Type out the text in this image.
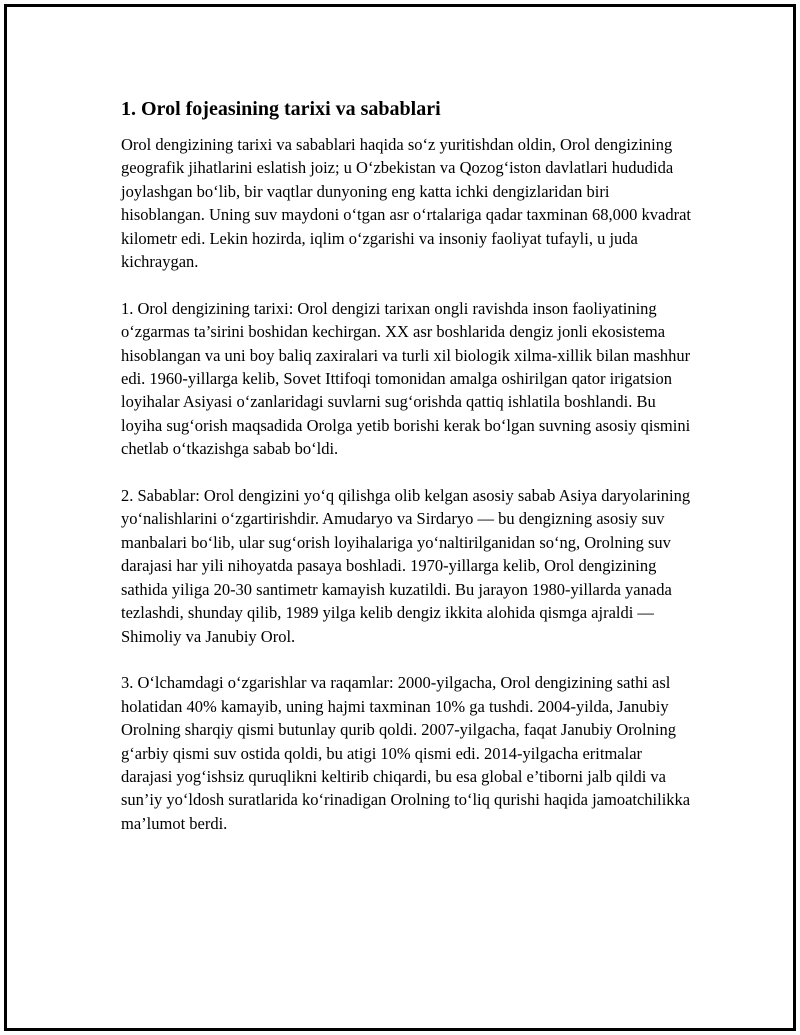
1. Orol fojeasining tarixi va sabablari

Orol dengizining tarixi va sabablari haqida so‘z yuritishdan oldin, Orol dengizining geografik jihatlarini eslatish joiz; u O‘zbekistan va Qozog‘iston davlatlari hududida joylashgan bo‘lib, bir vaqtlar dunyoning eng katta ichki dengizlaridan biri hisoblangan. Uning suv maydoni o‘tgan asr o‘rtalariga qadar taxminan 68,000 kvadrat kilometr edi. Lekin hozirda, iqlim o‘zgarishi va insoniy faoliyat tufayli, u juda kichraygan.

1. Orol dengizining tarixi: Orol dengizi tarixan ongli ravishda inson faoliyatining o‘zgarmas ta’sirini boshidan kechirgan. XX asr boshlarida dengiz jonli ekosistema hisoblangan va uni boy baliq zaxiralari va turli xil biologik xilma-xillik bilan mashhur edi. 1960-yillarga kelib, Sovet Ittifoqi tomonidan amalga oshirilgan qator irigatsion loyihalar Asiyasi o‘zanlaridagi suvlarni sug‘orishda qattiq ishlatila boshlandi. Bu loyiha sug‘orish maqsadida Orolga yetib borishi kerak bo‘lgan suvning asosiy qismini chetlab o‘tkazishga sabab bo‘ldi.

2. Sabablar: Orol dengizini yo‘q qilishga olib kelgan asosiy sabab Asiya daryolarining yo‘nalishlarini o‘zgartirishdir. Amudaryo va Sirdaryo — bu dengizning asosiy suv manbalari bo‘lib, ular sug‘orish loyihalariga yo‘naltirilganidan so‘ng, Orolning suv darajasi har yili nihoyatda pasaya boshladi. 1970-yillarga kelib, Orol dengizining sathida yiliga 20-30 santimetr kamayish kuzatildi. Bu jarayon 1980-yillarda yanada tezlashdi, shunday qilib, 1989 yilga kelib dengiz ikkita alohida qismga ajraldi — Shimoliy va Janubiy Orol.

3. O‘lchamdagi o‘zgarishlar va raqamlar: 2000-yilgacha, Orol dengizining sathi asl holatidan 40% kamayib, uning hajmi taxminan 10% ga tushdi. 2004-yilda, Janubiy Orolning sharqiy qismi butunlay qurib qoldi. 2007-yilgacha, faqat Janubiy Orolning g‘arbiy qismi suv ostida qoldi, bu atigi 10% qismi edi. 2014-yilgacha eritmalar darajasi yog‘ishsiz quruqlikni keltirib chiqardi, bu esa global e’tiborni jalb qildi va sun’iy yo‘ldosh suratlarida ko‘rinadigan Orolning to‘liq qurishi haqida jamoatchilikka ma’lumot berdi.
